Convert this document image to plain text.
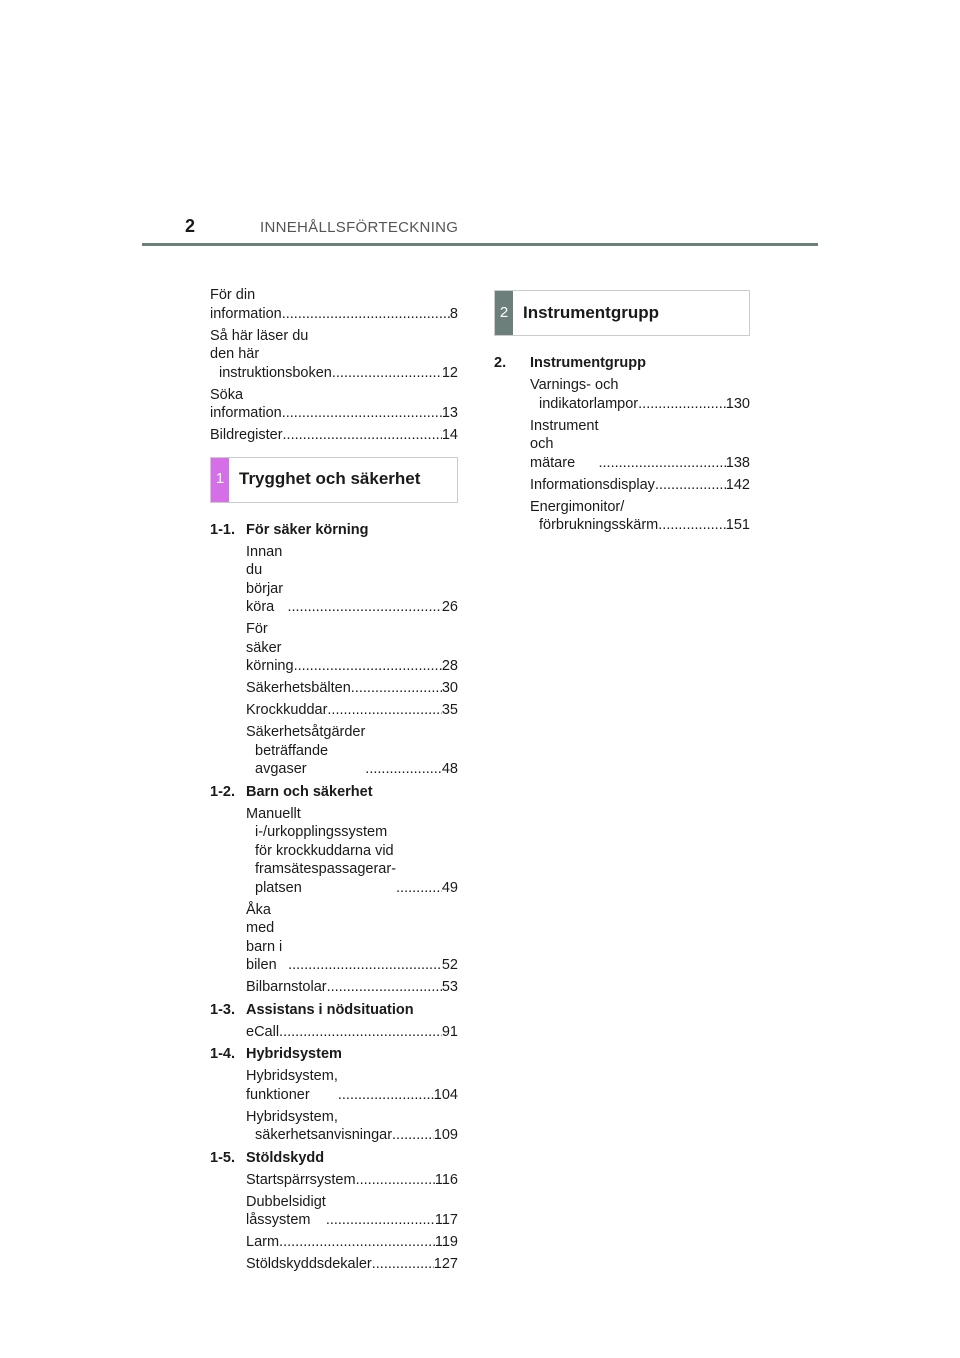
2	INNEHÅLLSFÖRTECKNING
För din information .....	8
Så här läser du den här
instruktionsboken .....	12
Söka information .....	13
Bildregister .....	14
1 Trygghet och säkerhet
1-1. För säker körning
Innan du börjar köra .....	26
För säker körning .....	28
Säkerhetsbälten .....	30
Krockkuddar .....	35
Säkerhetsåtgärder
beträffande avgaser .....	48
1-2. Barn och säkerhet
Manuellt
i-/urkopplingssystem
för krockkuddarna vid
framsätespassagerar-
platsen .....	49
Åka med barn i bilen .....	52
Bilbarnstolar .....	53
1-3. Assistans i nödsituation
eCall .....	91
1-4. Hybridsystem
Hybridsystem, funktioner .....	104
Hybridsystem,
säkerhetsanvisningar .....	109
1-5. Stöldskydd
Startspärrsystem .....	116
Dubbelsidigt låssystem .....	117
Larm .....	119
Stöldskyddsdekaler .....	127
2 Instrumentgrupp
2.	Instrumentgrupp
Varnings- och
indikatorlampor .....	130
Instrument och mätare .....	138
Informationsdisplay .....	142
Energimonitor/
förbrukningsskärm .....	151
